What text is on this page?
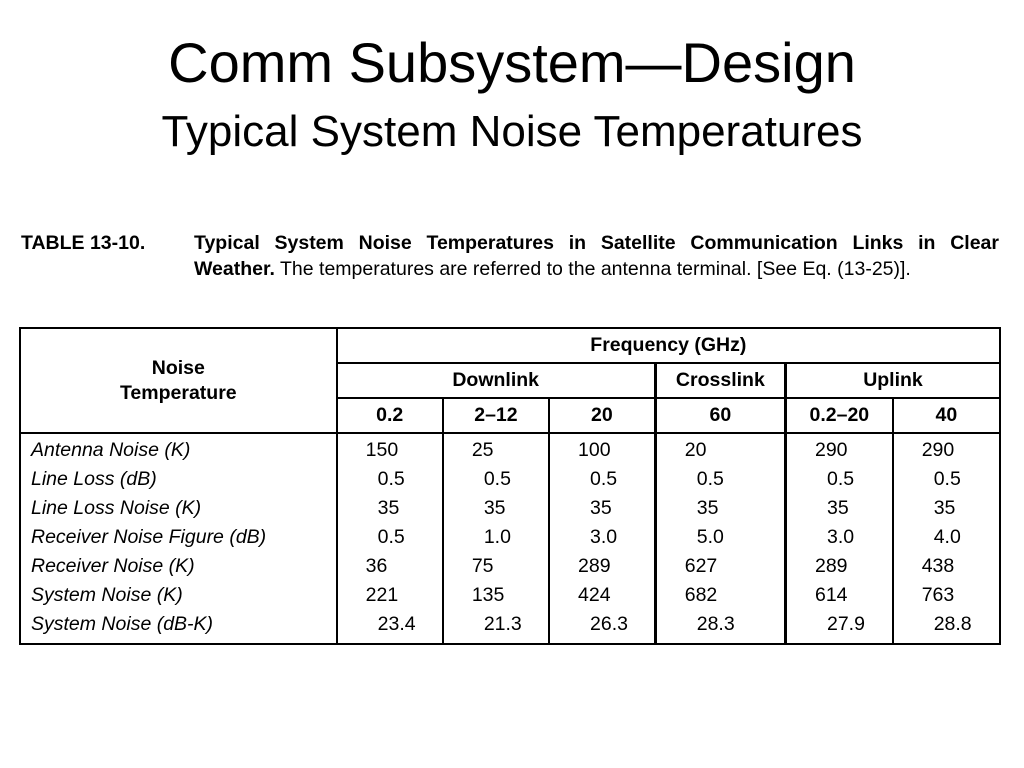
Comm Subsystem—Design
Typical System Noise Temperatures
TABLE 13-10. Typical System Noise Temperatures in Satellite Communication Links in Clear Weather. The temperatures are referred to the antenna terminal. [See Eq. (13-25)].
Noise
Temperature	Frequency (GHz)					
	Downlink			Crosslink	Uplink	
	0.2	2–12	20	60	0.2–20	40
Antenna Noise (K)	150	25	100	20	290	290
Line Loss (dB)	0.5	0.5	0.5	0.5	0.5	0.5
Line Loss Noise (K)	35	35	35	35	35	35
Receiver Noise Figure (dB)	0.5	1.0	3.0	5.0	3.0	4.0
Receiver Noise (K)	36	75	289	627	289	438
System Noise (K)	221	135	424	682	614	763
System Noise (dB-K)	23.4	21.3	26.3	28.3	27.9	28.8
